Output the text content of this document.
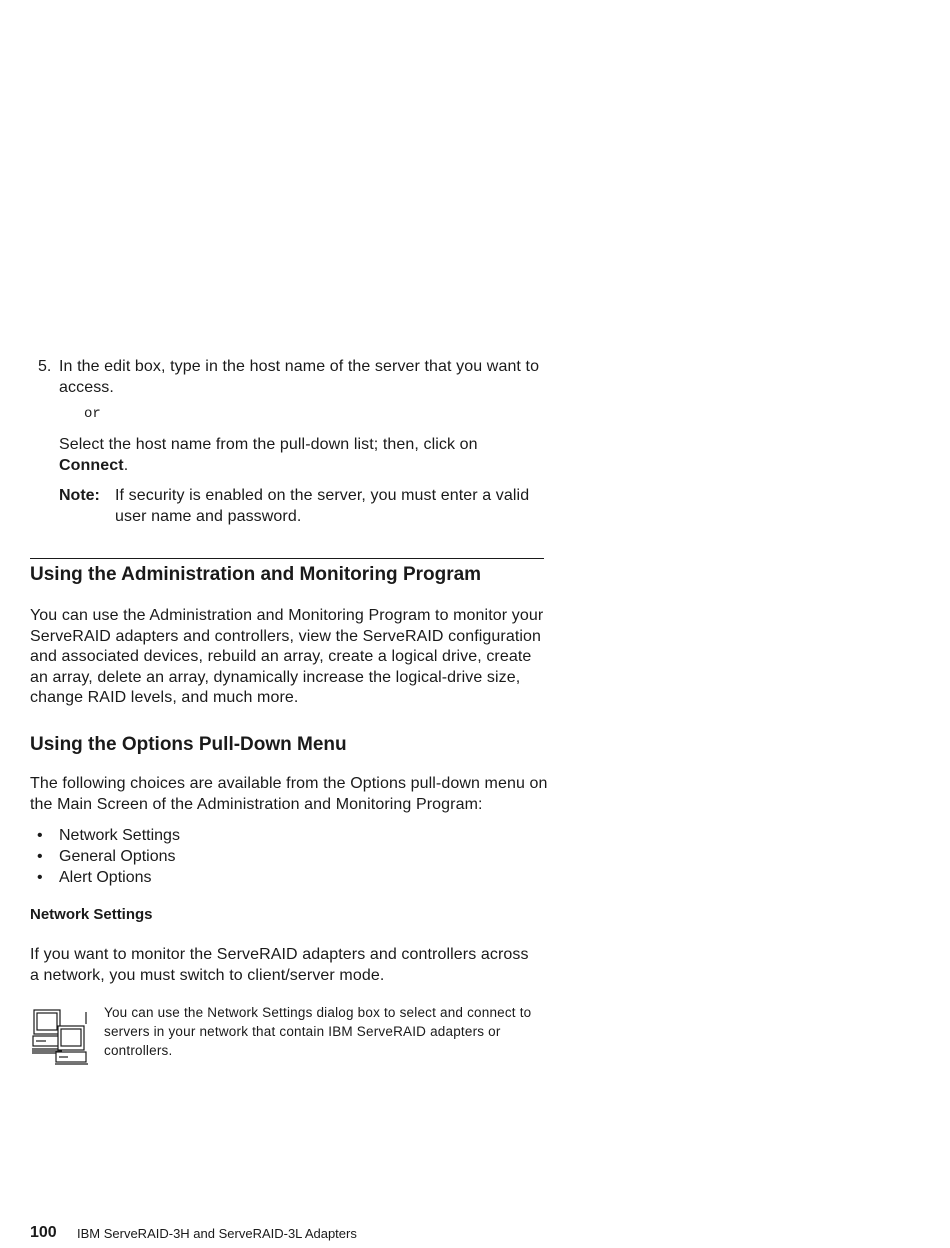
5. In the edit box, type in the host name of the server that you want to access.
or
Select the host name from the pull-down list; then, click on
Connect.
Note: If security is enabled on the server, you must enter a valid user name and password.
Using the Administration and Monitoring Program
You can use the Administration and Monitoring Program to monitor your ServeRAID adapters and controllers, view the ServeRAID configuration and associated devices, rebuild an array, create a logical drive, create an array, delete an array, dynamically increase the logical-drive size, change RAID levels, and much more.
Using the Options Pull-Down Menu
The following choices are available from the Options pull-down menu on the Main Screen of the Administration and Monitoring Program:
•	Network Settings
•	General Options
•	Alert Options
Network Settings
If you want to monitor the ServeRAID adapters and controllers across a network, you must switch to client/server mode.
You can use the Network Settings dialog box to select and connect to servers in your network that contain IBM ServeRAID adapters or controllers.
100 IBM ServeRAID-3H and ServeRAID-3L Adapters
